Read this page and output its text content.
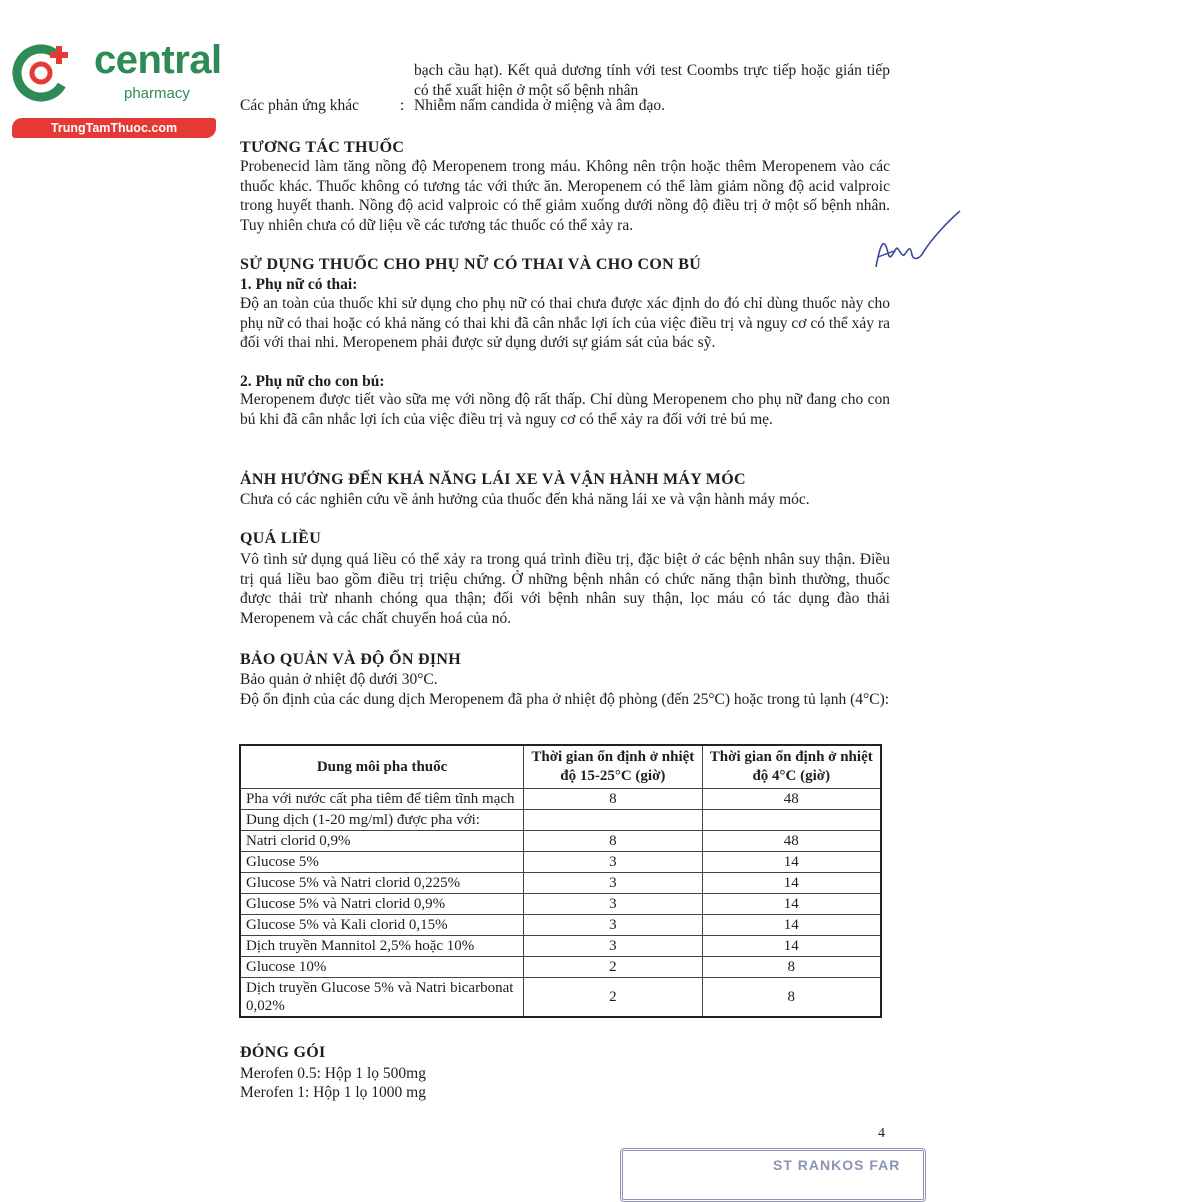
central
pharmacy
TrungTamThuoc.com

bạch cầu hạt). Kết quả dương tính với test Coombs trực tiếp hoặc gián tiếp có thể xuất hiện ở một số bệnh nhân

Các phản ứng khác	: Nhiễm nấm candida ở miệng và âm đạo.
TƯƠNG TÁC THUỐC

Probenecid làm tăng nồng độ Meropenem trong máu. Không nên trộn hoặc thêm Meropenem vào các thuốc khác. Thuốc không có tương tác với thức ăn. Meropenem có thể làm giảm nồng độ acid valproic trong huyết thanh. Nồng độ acid valproic có thể giảm xuống dưới nồng độ điều trị ở một số bệnh nhân. Tuy nhiên chưa có dữ liệu về các tương tác thuốc có thể xảy ra.

SỬ DỤNG THUỐC CHO PHỤ NỮ CÓ THAI VÀ CHO CON BÚ

1. Phụ nữ có thai:

Độ an toàn của thuốc khi sử dụng cho phụ nữ có thai chưa được xác định do đó chỉ dùng thuốc này cho phụ nữ có thai hoặc có khả năng có thai khi đã cân nhắc lợi ích của việc điều trị và nguy cơ có thể xảy ra đối với thai nhi. Meropenem phải được sử dụng dưới sự giám sát của bác sỹ.

2. Phụ nữ cho con bú:

Meropenem được tiết vào sữa mẹ với nồng độ rất thấp. Chỉ dùng Meropenem cho phụ nữ đang cho con bú khi đã cân nhắc lợi ích của việc điều trị và nguy cơ có thể xảy ra đối với trẻ bú mẹ.

ẢNH HƯỞNG ĐẾN KHẢ NĂNG LÁI XE VÀ VẬN HÀNH MÁY MÓC

Chưa có các nghiên cứu về ảnh hưởng của thuốc đến khả năng lái xe và vận hành máy móc.

QUÁ LIỀU

Vô tình sử dụng quá liều có thể xảy ra trong quá trình điều trị, đặc biệt ở các bệnh nhân suy thận. Điều trị quá liều bao gồm điều trị triệu chứng. Ở những bệnh nhân có chức năng thận bình thường, thuốc được thải trừ nhanh chóng qua thận; đối với bệnh nhân suy thận, lọc máu có tác dụng đào thải Meropenem và các chất chuyển hoá của nó.

BẢO QUẢN VÀ ĐỘ ỔN ĐỊNH

Bảo quản ở nhiệt độ dưới 30°C.

Độ ổn định của các dung dịch Meropenem đã pha ở nhiệt độ phòng (đến 25°C) hoặc trong tủ lạnh (4°C):

Dung môi pha thuốc	Thời gian ổn định ở nhiệt độ 15-25°C (giờ)	Thời gian ổn định ở nhiệt độ 4°C (giờ)
Pha với nước cất pha tiêm để tiêm tĩnh mạch	8	48
Dung dịch (1-20 mg/ml) được pha với:		
Natri clorid 0,9%	8	48
Glucose 5%	3	14
Glucose 5% và Natri clorid 0,225%	3	14
Glucose 5% và Natri clorid 0,9%	3	14
Glucose 5% và Kali clorid 0,15%	3	14
Dịch truyền Mannitol 2,5% hoặc 10%	3	14
Glucose 10%	2	8
Dịch truyền Glucose 5% và Natri bicarbonat 0,02%	2	8
ĐÓNG GÓI

Merofen 0.5: Hộp 1 lọ 500mg

Merofen 1: Hộp 1 lọ 1000 mg

4
ST RANKOS FAR
